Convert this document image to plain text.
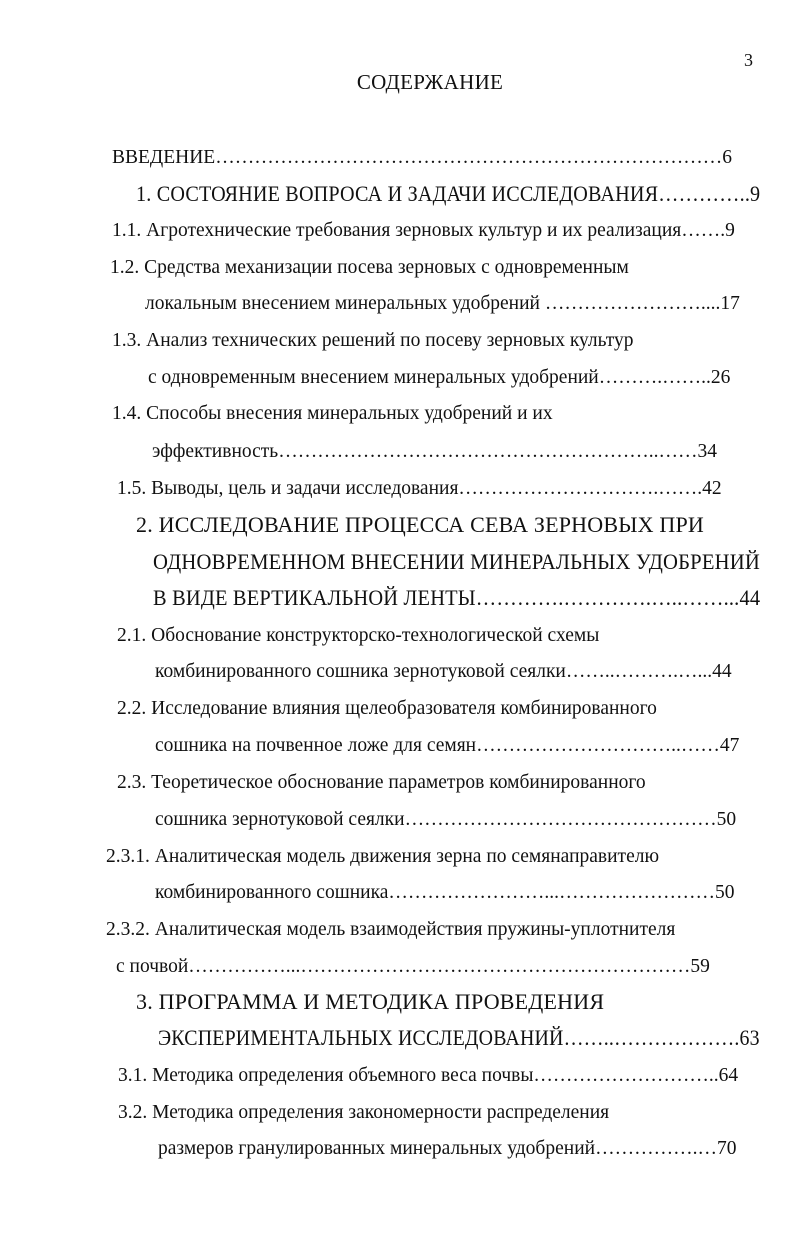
3
СОДЕРЖАНИЕ
ВВЕДЕНИЕ……………………………………………………………………6
1. СОСТОЯНИЕ ВОПРОСА И ЗАДАЧИ ИССЛЕДОВАНИЯ…………..9
1.1. Агротехнические требования зерновых культур и их реализация…….9
1.2. Средства механизации посева зерновых с одновременным
локальным внесением минеральных удобрений ……………………....17
1.3. Анализ технических решений по посеву зерновых культур
с одновременным внесением минеральных удобрений……….……..26
1.4. Способы внесения минеральных удобрений и их
эффективность…………………………………………………..……34
1.5. Выводы, цель и задачи исследования………………………….…….42
2. ИССЛЕДОВАНИЕ ПРОЦЕССА СЕВА ЗЕРНОВЫХ ПРИ
ОДНОВРЕМЕННОМ ВНЕСЕНИИ МИНЕРАЛЬНЫХ УДОБРЕНИЙ
В ВИДЕ ВЕРТИКАЛЬНОЙ ЛЕНТЫ………….………….…..……...44
2.1. Обоснование конструкторско-технологической схемы
комбинированного сошника зернотуковой сеялки……..……….…...44
2.2. Исследование влияния щелеобразователя комбинированного
сошника на почвенное ложе для семян…………………………..……47
2.3. Теоретическое обоснование параметров комбинированного
сошника зернотуковой сеялки…………………………………………50
2.3.1. Аналитическая модель движения зерна по семянаправителю
комбинированного сошника……………………...……………………50
2.3.2. Аналитическая модель взаимодействия пружины-уплотнителя
с почвой……………...……………………………………………………59
3. ПРОГРАММА И МЕТОДИКА ПРОВЕДЕНИЯ
ЭКСПЕРИМЕНТАЛЬНЫХ ИССЛЕДОВАНИЙ……..……………….63
3.1. Методика определения объемного веса почвы………………………..64
3.2. Методика определения закономерности распределения
размеров гранулированных минеральных удобрений…………….…70
